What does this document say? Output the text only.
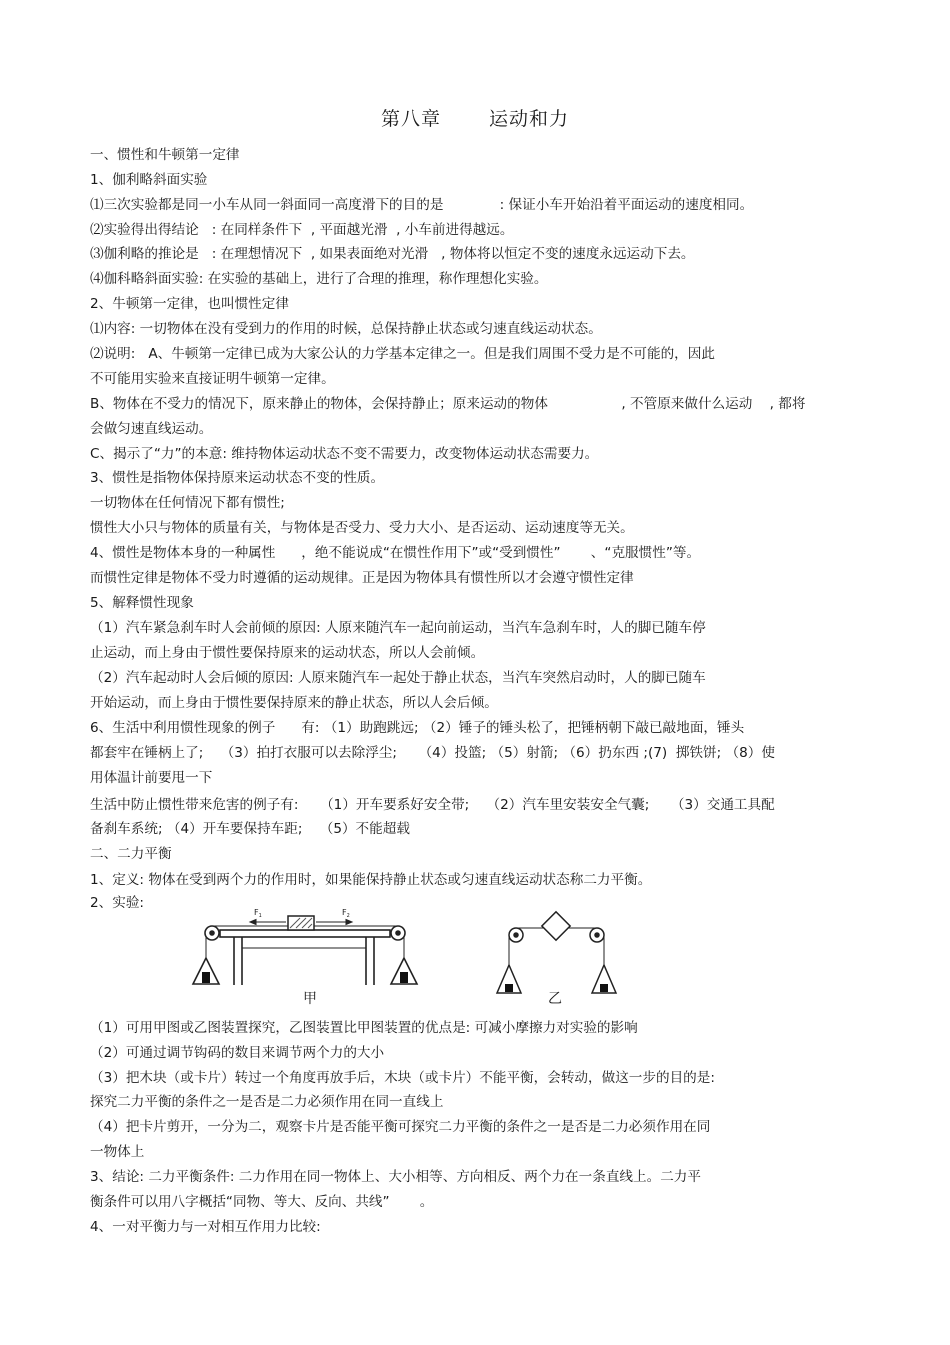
第八章	运动和力
一、惯性和牛顿第一定律
1、伽利略斜面实验
⑴三次实验都是同一小车从同一斜面同一高度滑下的目的是             : 保证小车开始沿着平面运动的速度相同。
⑵实验得出得结论   : 在同样条件下  , 平面越光滑  , 小车前进得越远。
⑶伽利略的推论是   : 在理想情况下  , 如果表面绝对光滑   , 物体将以恒定不变的速度永远运动下去。
⑷伽科略斜面实验: 在实验的基础上，进行了合理的推理，称作理想化实验。
2、牛顿第一定律，也叫惯性定律
⑴内容: 一切物体在没有受到力的作用的时候，总保持静止状态或匀速直线运动状态。
⑵说明:   A、牛顿第一定律已成为大家公认的力学基本定律之一。但是我们周围不受力是不可能的，因此
不可能用实验来直接证明牛顿第一定律。
B、物体在不受力的情况下，原来静止的物体，会保持静止；原来运动的物体                 , 不管原来做什么运动    , 都将
会做匀速直线运动。
C、揭示了“力”的本意: 维持物体运动状态不变不需要力，改变物体运动状态需要力。
3、惯性是指物体保持原来运动状态不变的性质。
一切物体在任何情况下都有惯性;
惯性大小只与物体的质量有关，与物体是否受力、受力大小、是否运动、运动速度等无关。
4、惯性是物体本身的一种属性      ，绝不能说成“在惯性作用下”或“受到惯性”       、“克服惯性”等。
而惯性定律是物体不受力时遵循的运动规律。正是因为物体具有惯性所以才会遵守惯性定律
5、解释惯性现象
（1）汽车紧急刹车时人会前倾的原因: 人原来随汽车一起向前运动，当汽车急刹车时，人的脚已随车停
止运动，而上身由于惯性要保持原来的运动状态，所以人会前倾。
（2）汽车起动时人会后倾的原因: 人原来随汽车一起处于静止状态，当汽车突然启动时，人的脚已随车
开始运动，而上身由于惯性要保持原来的静止状态，所以人会后倾。
6、生活中利用惯性现象的例子      有: （1）助跑跳远; （2）锤子的锤头松了，把锤柄朝下敲已敲地面，锤头
都套牢在锤柄上了;    （3）拍打衣服可以去除浮尘;     （4）投篮; （5）射箭; （6）扔东西 ;(7)  掷铁饼; （8）使
用体温计前要甩一下
生活中防止惯性带来危害的例子有:     （1）开车要系好安全带;    （2）汽车里安装安全气囊;     （3）交通工具配
备刹车系统; （4）开车要保持车距;    （5）不能超载
二、二力平衡
1、定义: 物体在受到两个力的作用时，如果能保持静止状态或匀速直线运动状态称二力平衡。
2、实验:
（1）可用甲图或乙图装置探究，乙图装置比甲图装置的优点是: 可减小摩擦力对实验的影响
（2）可通过调节钩码的数目来调节两个力的大小
（3）把木块（或卡片）转过一个角度再放手后，木块（或卡片）不能平衡，会转动，做这一步的目的是:
探究二力平衡的条件之一是否是二力必须作用在同一直线上
（4）把卡片剪开，一分为二，观察卡片是否能平衡可探究二力平衡的条件之一是否是二力必须作用在同
一物体上
3、结论: 二力平衡条件: 二力作用在同一物体上、大小相等、方向相反、两个力在一条直线上。二力平
衡条件可以用八字概括“同物、等大、反向、共线”       。
4、一对平衡力与一对相互作用力比较:
$F_1$	$F_2$
甲	乙
